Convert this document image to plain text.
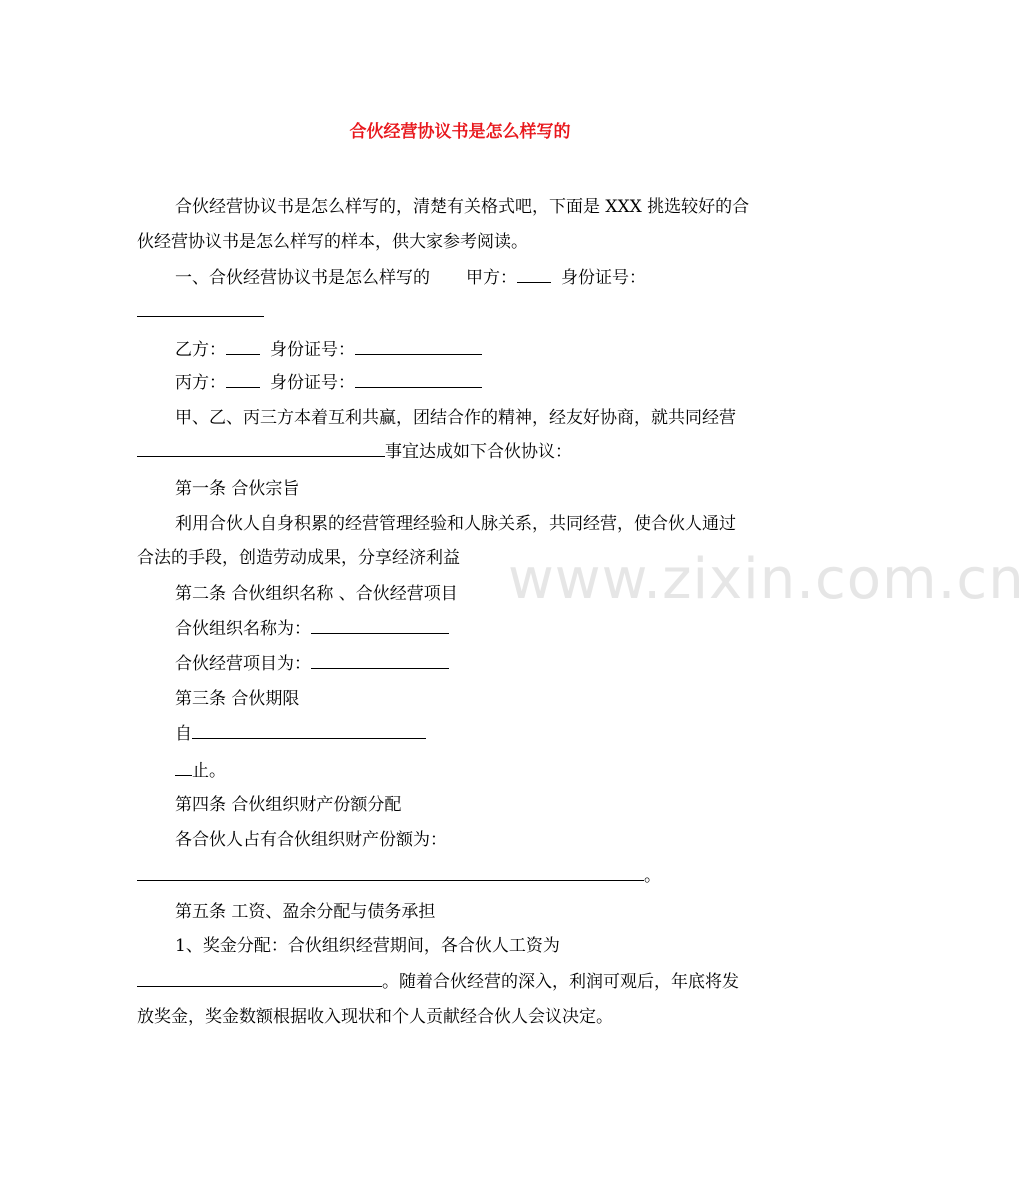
合伙经营协议书是怎么样写的
合伙经营协议书是怎么样写的，清楚有关格式吧，下面是 XXX 挑选较好的合
伙经营协议书是怎么样写的样本，供大家参考阅读。
一、合伙经营协议书是怎么样写的 甲方：	身份证号：
乙方：	身份证号：
丙方：	身份证号：
甲、乙、丙三方本着互利共赢，团结合作的精神，经友好协商，就共同经营
事宜达成如下合伙协议：
第一条 合伙宗旨
利用合伙人自身积累的经营管理经验和人脉关系，共同经营，使合伙人通过
合法的手段，创造劳动成果，分享经济利益
第二条 合伙组织名称 、合伙经营项目
合伙组织名称为：
合伙经营项目为：
第三条 合伙期限
自
止。
第四条 合伙组织财产份额分配
各合伙人占有合伙组织财产份额为：
。
第五条 工资、盈余分配与债务承担
1、奖金分配：合伙组织经营期间，各合伙人工资为
。随着合伙经营的深入，利润可观后，年底将发
放奖金，奖金数额根据收入现状和个人贡献经合伙人会议决定。
www.zixin.com.cn
